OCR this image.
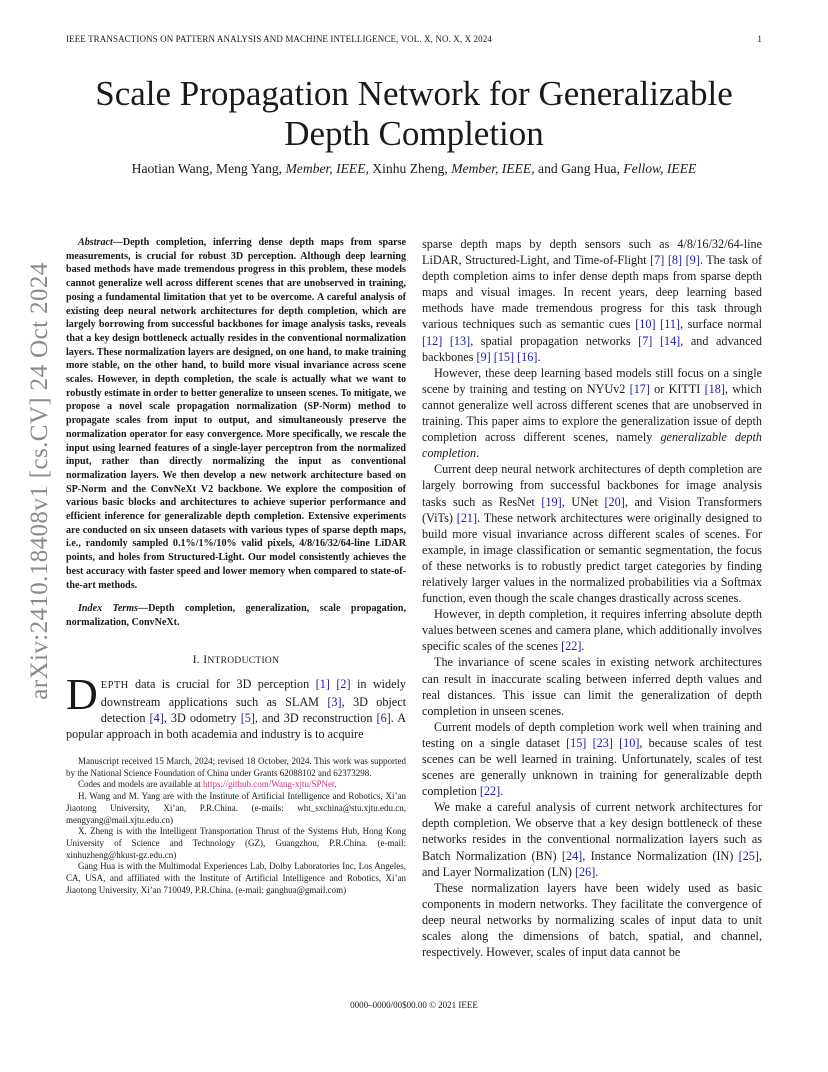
IEEE TRANSACTIONS ON PATTERN ANALYSIS AND MACHINE INTELLIGENCE, VOL. X, NO. X, X 2024	1
arXiv:2410.18408v1 [cs.CV] 24 Oct 2024
Scale Propagation Network for Generalizable Depth Completion
Haotian Wang, Meng Yang, Member, IEEE, Xinhu Zheng, Member, IEEE, and Gang Hua, Fellow, IEEE

Abstract—Depth completion, inferring dense depth maps from sparse measurements, is crucial for robust 3D perception. Although deep learning based methods have made tremendous progress in this problem, these models cannot generalize well across different scenes that are unobserved in training, posing a fundamental limitation that yet to be overcome. A careful analysis of existing deep neural network architectures for depth completion, which are largely borrowing from successful backbones for image analysis tasks, reveals that a key design bottleneck actually resides in the conventional normalization layers. These normalization layers are designed, on one hand, to make training more stable, on the other hand, to build more visual invariance across scene scales. However, in depth completion, the scale is actually what we want to robustly estimate in order to better generalize to unseen scenes. To mitigate, we propose a novel scale propagation normalization (SP-Norm) method to propagate scales from input to output, and simultaneously preserve the normalization operator for easy convergence. More specifically, we rescale the input using learned features of a single-layer perceptron from the normalized input, rather than directly normalizing the input as conventional normalization layers. We then develop a new network architecture based on SP-Norm and the ConvNeXt V2 backbone. We explore the composition of various basic blocks and architectures to achieve superior performance and efficient inference for generalizable depth completion. Extensive experiments are conducted on six unseen datasets with various types of sparse depth maps, i.e., randomly sampled 0.1%/1%/10% valid pixels, 4/8/16/32/64-line LiDAR points, and holes from Structured-Light. Our model consistently achieves the best accuracy with faster speed and lower memory when compared to state-of-the-art methods.

Index Terms—Depth completion, generalization, scale propagation, normalization, ConvNeXt.

I. INTRODUCTION

DEPTH data is crucial for 3D perception [1] [2] in widely downstream applications such as SLAM [3], 3D object detection [4], 3D odometry [5], and 3D reconstruction [6]. A popular approach in both academia and industry is to acquire

Manuscript received 15 March, 2024; revised 18 October, 2024. This work was supported by the National Science Foundation of China under Grants 62088102 and 62373298.

Codes and models are available at https://github.com/Wang-xjtu/SPNet.

H. Wang and M. Yang are with the Institute of Artificial Intelligence and Robotics, Xi’an Jiaotong University, Xi’an, P.R.China. (e-mails: wht_sxchina@stu.xjtu.edu.cn, mengyang@mail.xjtu.edu.cn)

X. Zheng is with the Intelligent Transportation Thrust of the Systems Hub, Hong Kong University of Science and Technology (GZ), Guangzhou, P.R.China. (e-mail: xinhuzheng@hkust-gz.edu.cn)

Gang Hua is with the Multimodal Experiences Lab, Dolby Laboratories Inc, Los Angeles, CA, USA, and affiliated with the Institute of Artificial Intelligence and Robotics, Xi’an Jiaotong University, Xi’an 710049, P.R.China. (e-mail: ganghua@gmail.com)

sparse depth maps by depth sensors such as 4/8/16/32/64-line LiDAR, Structured-Light, and Time-of-Flight [7] [8] [9]. The task of depth completion aims to infer dense depth maps from sparse depth maps and visual images. In recent years, deep learning based methods have made tremendous progress for this task through various techniques such as semantic cues [10] [11], surface normal [12] [13], spatial propagation networks [7] [14], and advanced backbones [9] [15] [16].

However, these deep learning based models still focus on a single scene by training and testing on NYUv2 [17] or KITTI [18], which cannot generalize well across different scenes that are unobserved in training. This paper aims to explore the generalization issue of depth completion across different scenes, namely generalizable depth completion.

Current deep neural network architectures of depth completion are largely borrowing from successful backbones for image analysis tasks such as ResNet [19], UNet [20], and Vision Transformers (ViTs) [21]. These network architectures were originally designed to build more visual invariance across different scales of scenes. For example, in image classification or semantic segmentation, the focus of these networks is to robustly predict target categories by finding relatively larger values in the normalized probabilities via a Softmax function, even though the scale changes drastically across scenes.

However, in depth completion, it requires inferring absolute depth values between scenes and camera plane, which additionally involves specific scales of the scenes [22].

The invariance of scene scales in existing network architectures can result in inaccurate scaling between inferred depth values and real distances. This issue can limit the generalization of depth completion in unseen scenes.

Current models of depth completion work well when training and testing on a single dataset [15] [23] [10], because scales of test scenes can be well learned in training. Unfortunately, scales of test scenes are generally unknown in training for generalizable depth completion [22].

We make a careful analysis of current network architectures for depth completion. We observe that a key design bottleneck of these networks resides in the conventional normalization layers such as Batch Normalization (BN) [24], Instance Normalization (IN) [25], and Layer Normalization (LN) [26].

These normalization layers have been widely used as basic components in modern networks. They facilitate the convergence of deep neural networks by normalizing scales of input data to unit scales along the dimensions of batch, spatial, and channel, respectively. However, scales of input data cannot be

0000–0000/00$00.00 © 2021 IEEE
